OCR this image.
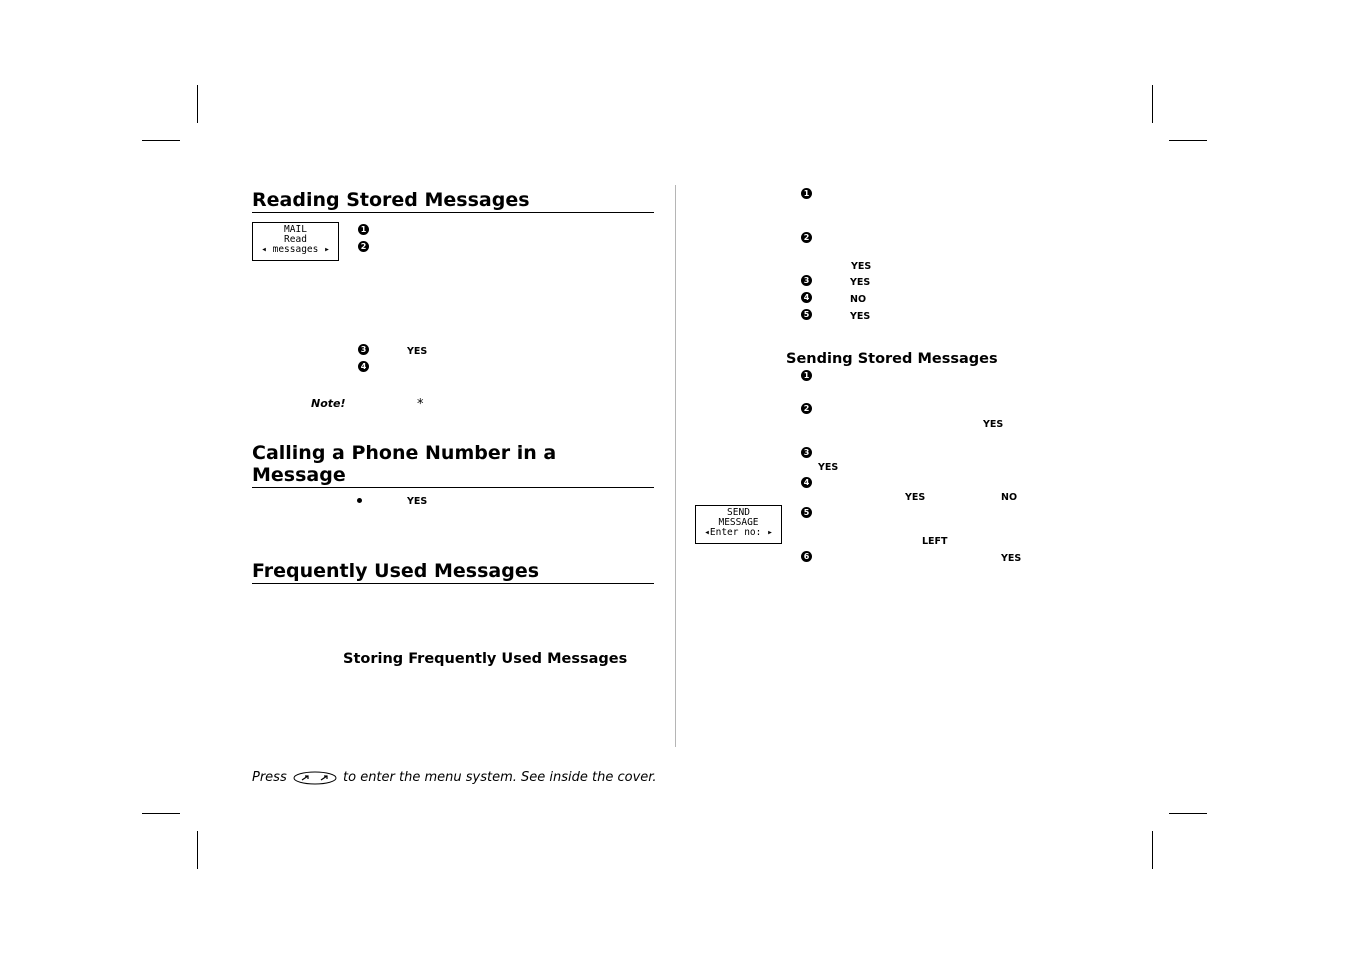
Reading Stored Messages
MAIL
Read
◂ messages ▸
1
2
3	YES
4
Note!	*
Calling a Phone Number in a Message
YES
Frequently Used Messages
Storing Frequently Used Messages
1
2
YES
3	YES
4	NO
5	YES
Sending Stored Messages
1
2
YES
3
YES
4
YES	NO
SEND
MESSAGE
◂Enter no: ▸
5
LEFT
6	YES
Press	to enter the menu system. See inside the cover.
